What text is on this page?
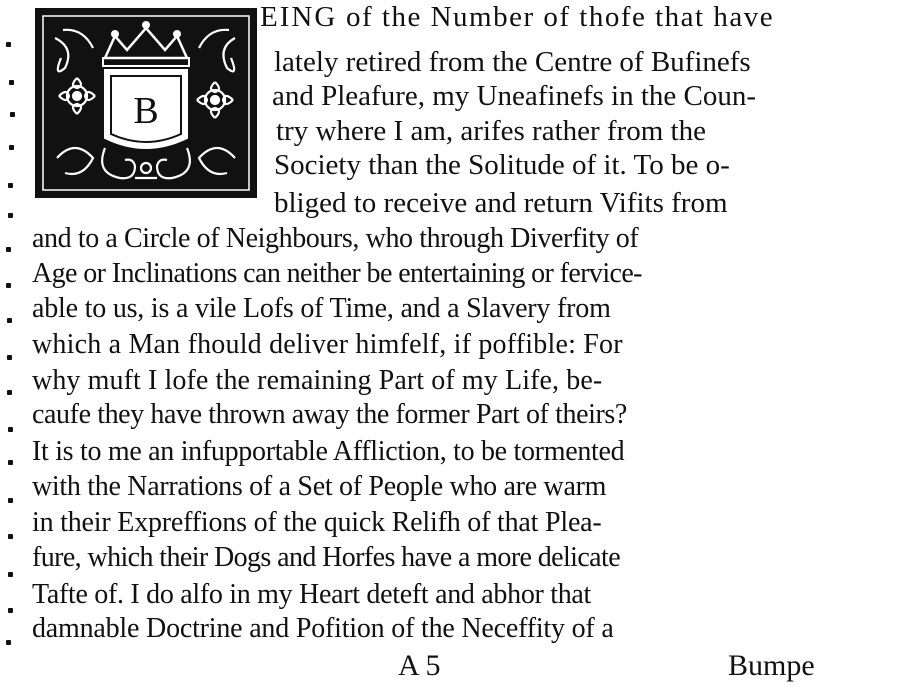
B
EING of the Number of thofe that have
lately retired from the Centre of Bufinefs
and Pleafure, my Uneafinefs in the Coun-
try where I am, arifes rather from the
Society than the Solitude of it. To be o-
bliged to receive and return Vifits from
and to a Circle of Neighbours, who through Diverfity of
Age or Inclinations can neither be entertaining or fervice-
able to us, is a vile Lofs of Time, and a Slavery from
which a Man fhould deliver himfelf, if poffible: For
why muft I lofe the remaining Part of my Life, be-
caufe they have thrown away the former Part of theirs?
It is to me an infupportable Affliction, to be tormented
with the Narrations of a Set of People who are warm
in their Expreffions of the quick Relifh of that Plea-
fure, which their Dogs and Horfes have a more delicate
Tafte of. I do alfo in my Heart deteft and abhor that
damnable Doctrine and Pofition of the Neceffity of a
A 5	Bumpe
